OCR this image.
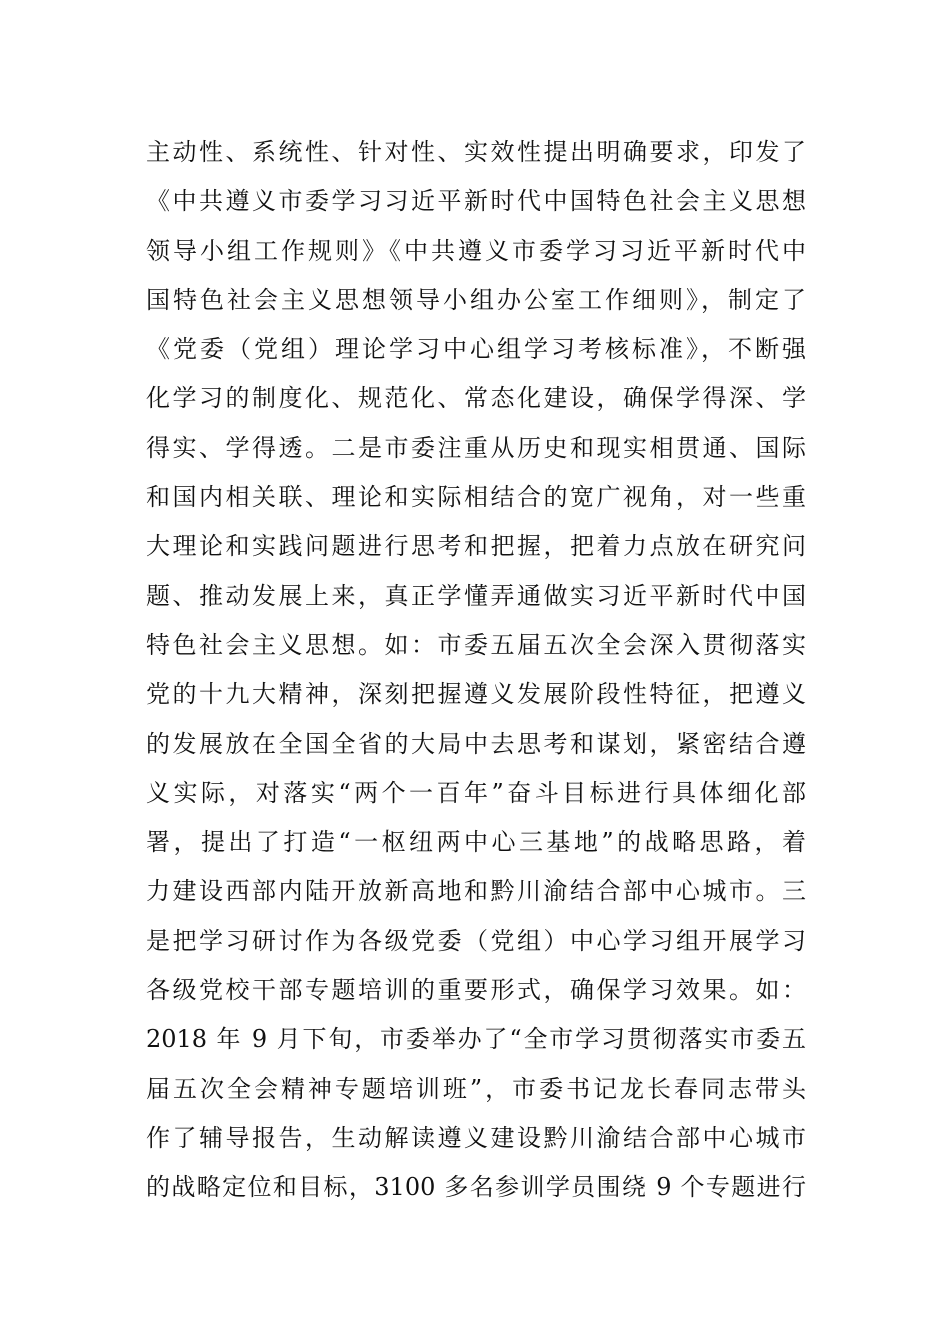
主动性、系统性、针对性、实效性提出明确要求，印发了
《中共遵义市委学习习近平新时代中国特色社会主义思想
领导小组工作规则》《中共遵义市委学习习近平新时代中
国特色社会主义思想领导小组办公室工作细则》，制定了
《党委（党组）理论学习中心组学习考核标准》，不断强
化学习的制度化、规范化、常态化建设，确保学得深、学
得实、学得透。二是市委注重从历史和现实相贯通、国际
和国内相关联、理论和实际相结合的宽广视角，对一些重
大理论和实践问题进行思考和把握，把着力点放在研究问
题、推动发展上来，真正学懂弄通做实习近平新时代中国
特色社会主义思想。如：市委五届五次全会深入贯彻落实
党的十九大精神，深刻把握遵义发展阶段性特征，把遵义
的发展放在全国全省的大局中去思考和谋划，紧密结合遵
义实际，对落实“两个一百年”奋斗目标进行具体细化部
署，提出了打造“一枢纽两中心三基地”的战略思路，着
力建设西部内陆开放新高地和黔川渝结合部中心城市。三
是把学习研讨作为各级党委（党组）中心学习组开展学习
各级党校干部专题培训的重要形式，确保学习效果。如：
2018 年 9 月下旬，市委举办了“全市学习贯彻落实市委五
届五次全会精神专题培训班”，市委书记龙长春同志带头
作了辅导报告，生动解读遵义建设黔川渝结合部中心城市
的战略定位和目标，3100 多名参训学员围绕 9 个专题进行
